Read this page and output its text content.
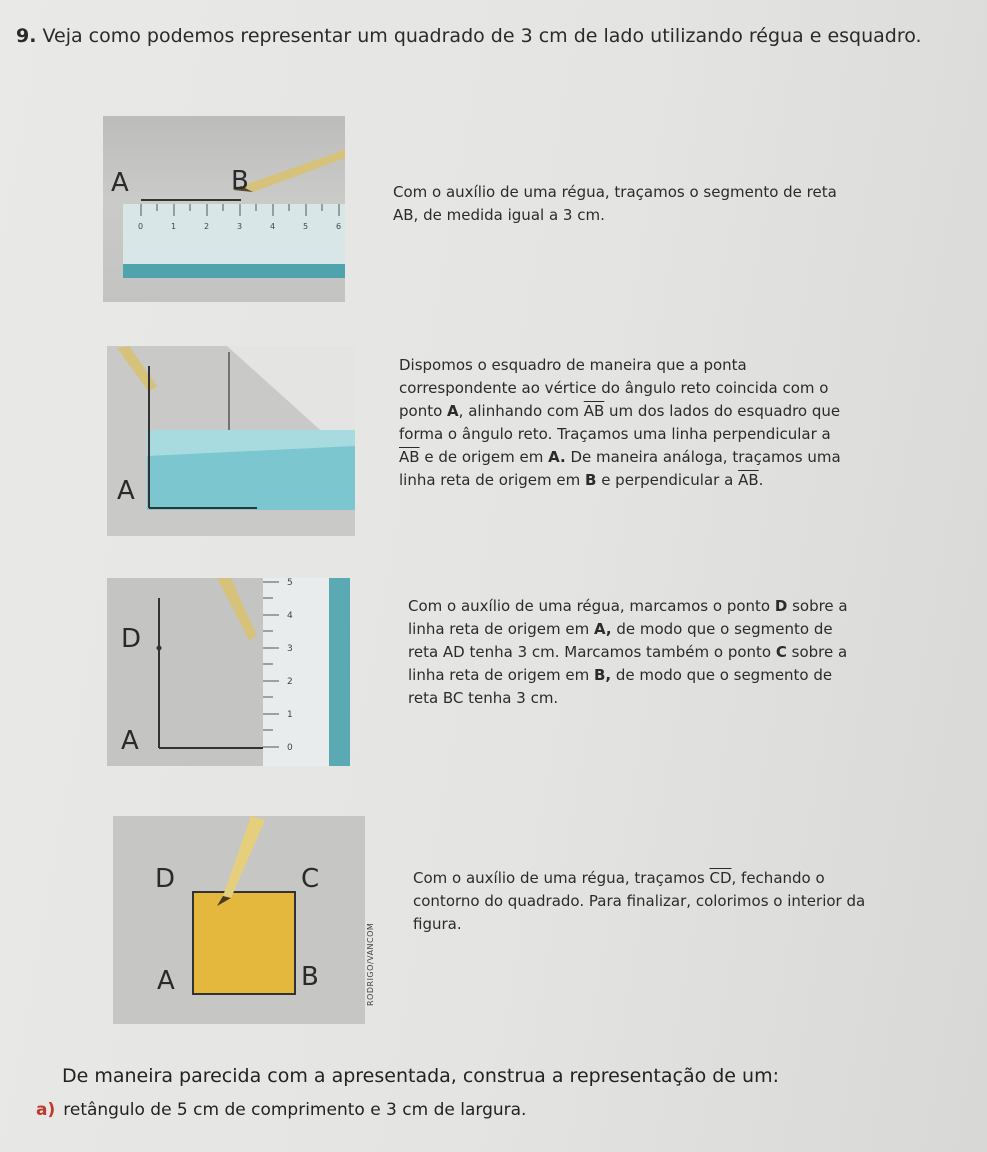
9. Veja como podemos representar um quadrado de 3 cm de lado utilizando régua e esquadro.
0	1	2	3	4	5	6
A	B	Com o auxílio de uma régua, traçamos o segmento de reta AB, de medida igual a 3 cm.
A
Dispomos o esquadro de maneira que a ponta correspondente ao vértice do ângulo reto coincida com o ponto A, alinhando com $\overline{AB}$ um dos lados do esquadro que forma o ângulo reto. Traçamos uma linha perpendicular a $\overline{AB}$ e de origem em A. De maneira análoga, traçamos uma linha reta de origem em B e perpendicular a $\overline{AB}$.
0
1
2
3
4
5
D
A
Com o auxílio de uma régua, marcamos o ponto D sobre a linha reta de origem em A, de modo que o segmento de reta AD tenha 3 cm. Marcamos também o ponto C sobre a linha reta de origem em B, de modo que o segmento de reta BC tenha 3 cm.
D	C
A	B	RODRIGO/VANCOM
Com o auxílio de uma régua, traçamos $\overline{CD}$, fechando o contorno do quadrado. Para finalizar, colorimos o interior da figura.
De maneira parecida com a apresentada, construa a representação de um:
a) retângulo de 5 cm de comprimento e 3 cm de largura.
